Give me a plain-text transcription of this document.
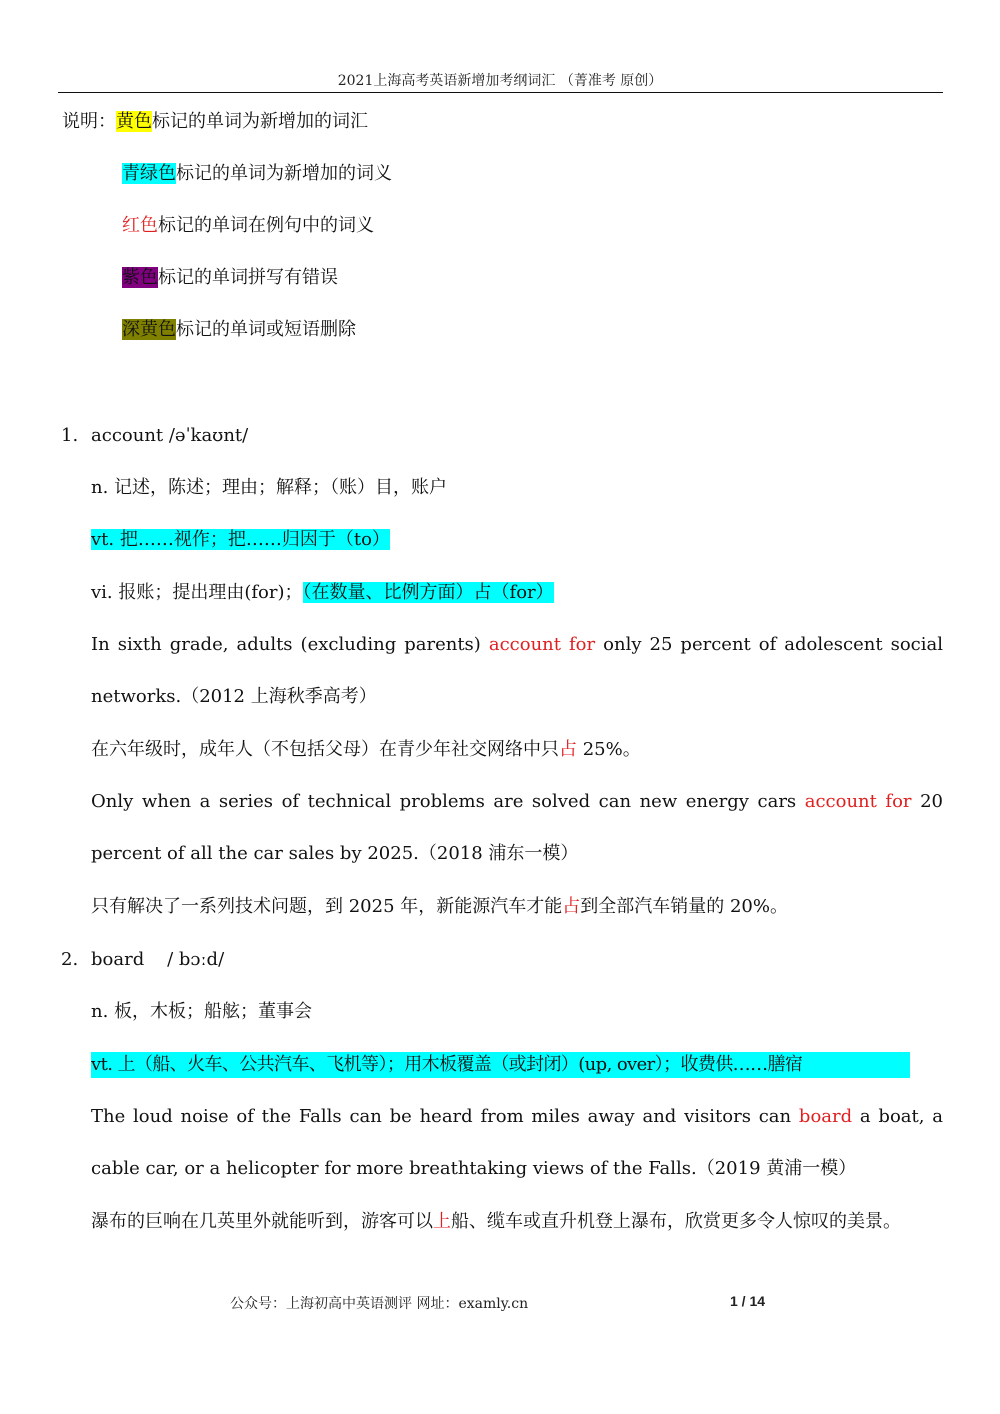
2021上海高考英语新增加考纲词汇 （菁准考 原创）
说明：黄色标记的单词为新增加的词汇
青绿色标记的单词为新增加的词义
红色标记的单词在例句中的词义
紫色标记的单词拼写有错误
深黄色标记的单词或短语删除
1. account /əˈkaʊnt/
n. 记述，陈述；理由；解释；（账）目，账户
vt. 把……视作；把……归因于（to）
vi. 报账；提出理由(for)；（在数量、比例方面）占（for）
In sixth grade, adults (excluding parents) account for only 25 percent of adolescent social networks.（2012 上海秋季高考）
在六年级时，成年人（不包括父母）在青少年社交网络中只占 25%。
Only when a series of technical problems are solved can new energy cars account for 20 percent of all the car sales by 2025.（2018 浦东一模）
只有解决了一系列技术问题，到 2025 年，新能源汽车才能占到全部汽车销量的 20%。
2. board    / bɔːd/
n. 板，木板；船舷；董事会
vt. 上（船、火车、公共汽车、飞机等）；用木板覆盖（或封闭）(up, over）；收费供……膳宿
The loud noise of the Falls can be heard from miles away and visitors can board a boat, a cable car, or a helicopter for more breathtaking views of the Falls.（2019 黄浦一模）
瀑布的巨响在几英里外就能听到，游客可以上船、缆车或直升机登上瀑布，欣赏更多令人惊叹的美景。
公众号：上海初高中英语测评 网址：examly.cn	1 / 14
